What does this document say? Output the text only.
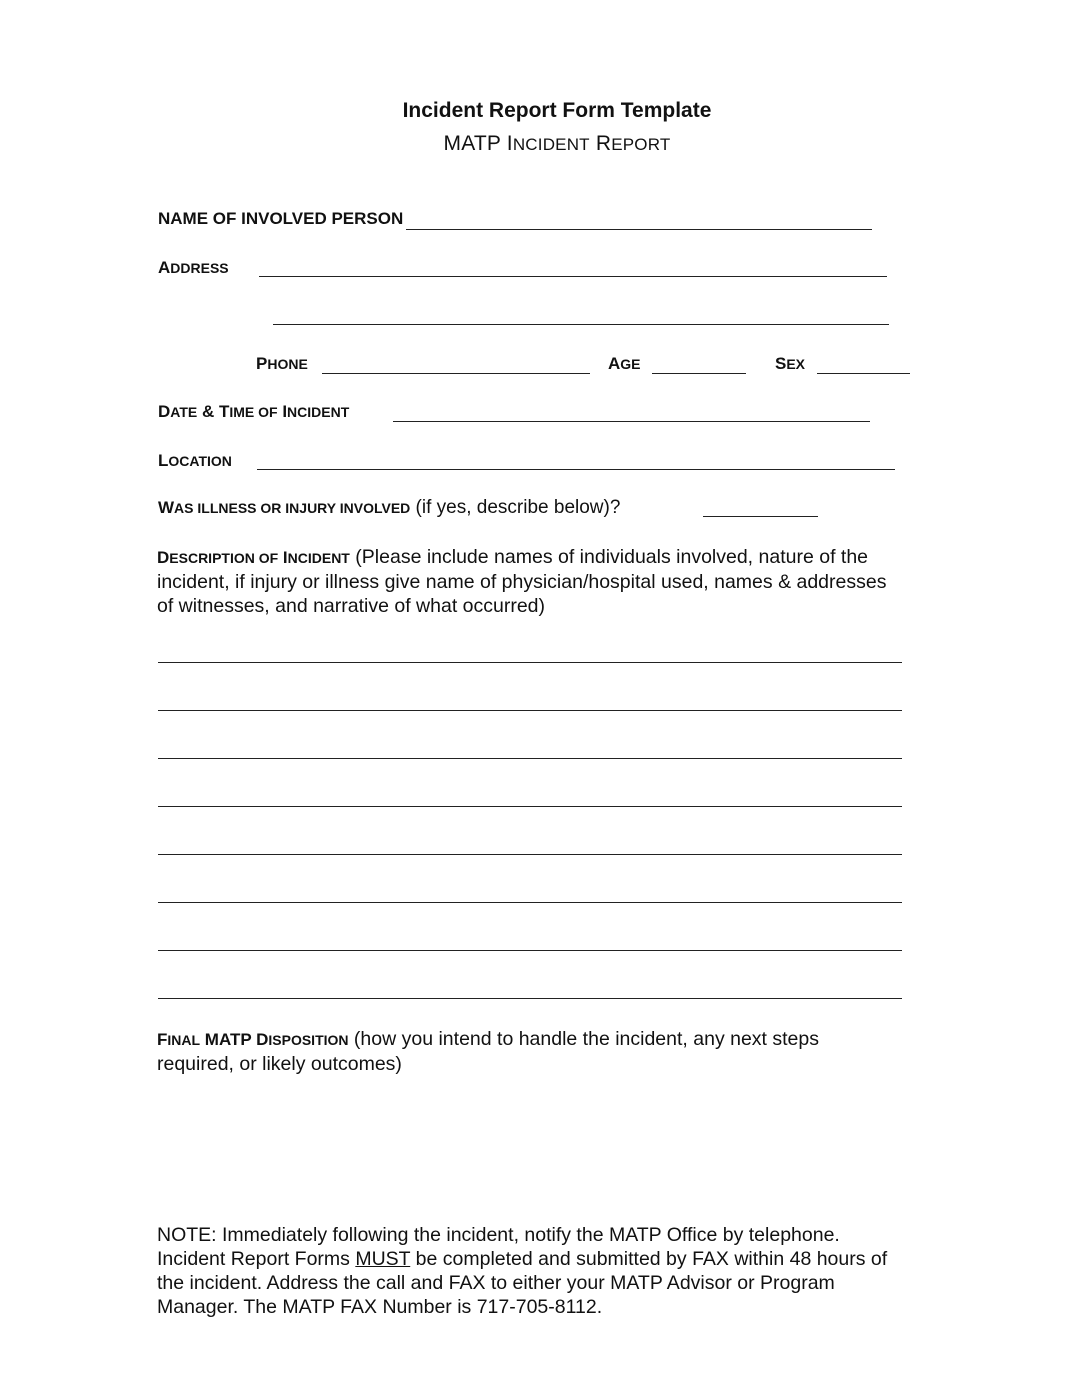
Incident Report Form Template
MATP INCIDENT REPORT
NAME OF INVOLVED PERSON
ADDRESS
PHONE	AGE	SEX
DATE & TIME OF INCIDENT
LOCATION
WAS ILLNESS OR INJURY INVOLVED (if yes, describe below)?
DESCRIPTION OF INCIDENT (Please include names of individuals involved, nature of the
incident, if injury or illness give name of physician/hospital used, names & addresses
of witnesses, and narrative of what occurred)
FINAL MATP DISPOSITION (how you intend to handle the incident, any next steps
required, or likely outcomes)
NOTE: Immediately following the incident, notify the MATP Office by telephone.
Incident Report Forms MUST be completed and submitted by FAX within 48 hours of
the incident. Address the call and FAX to either your MATP Advisor or Program
Manager. The MATP FAX Number is 717-705-8112.
